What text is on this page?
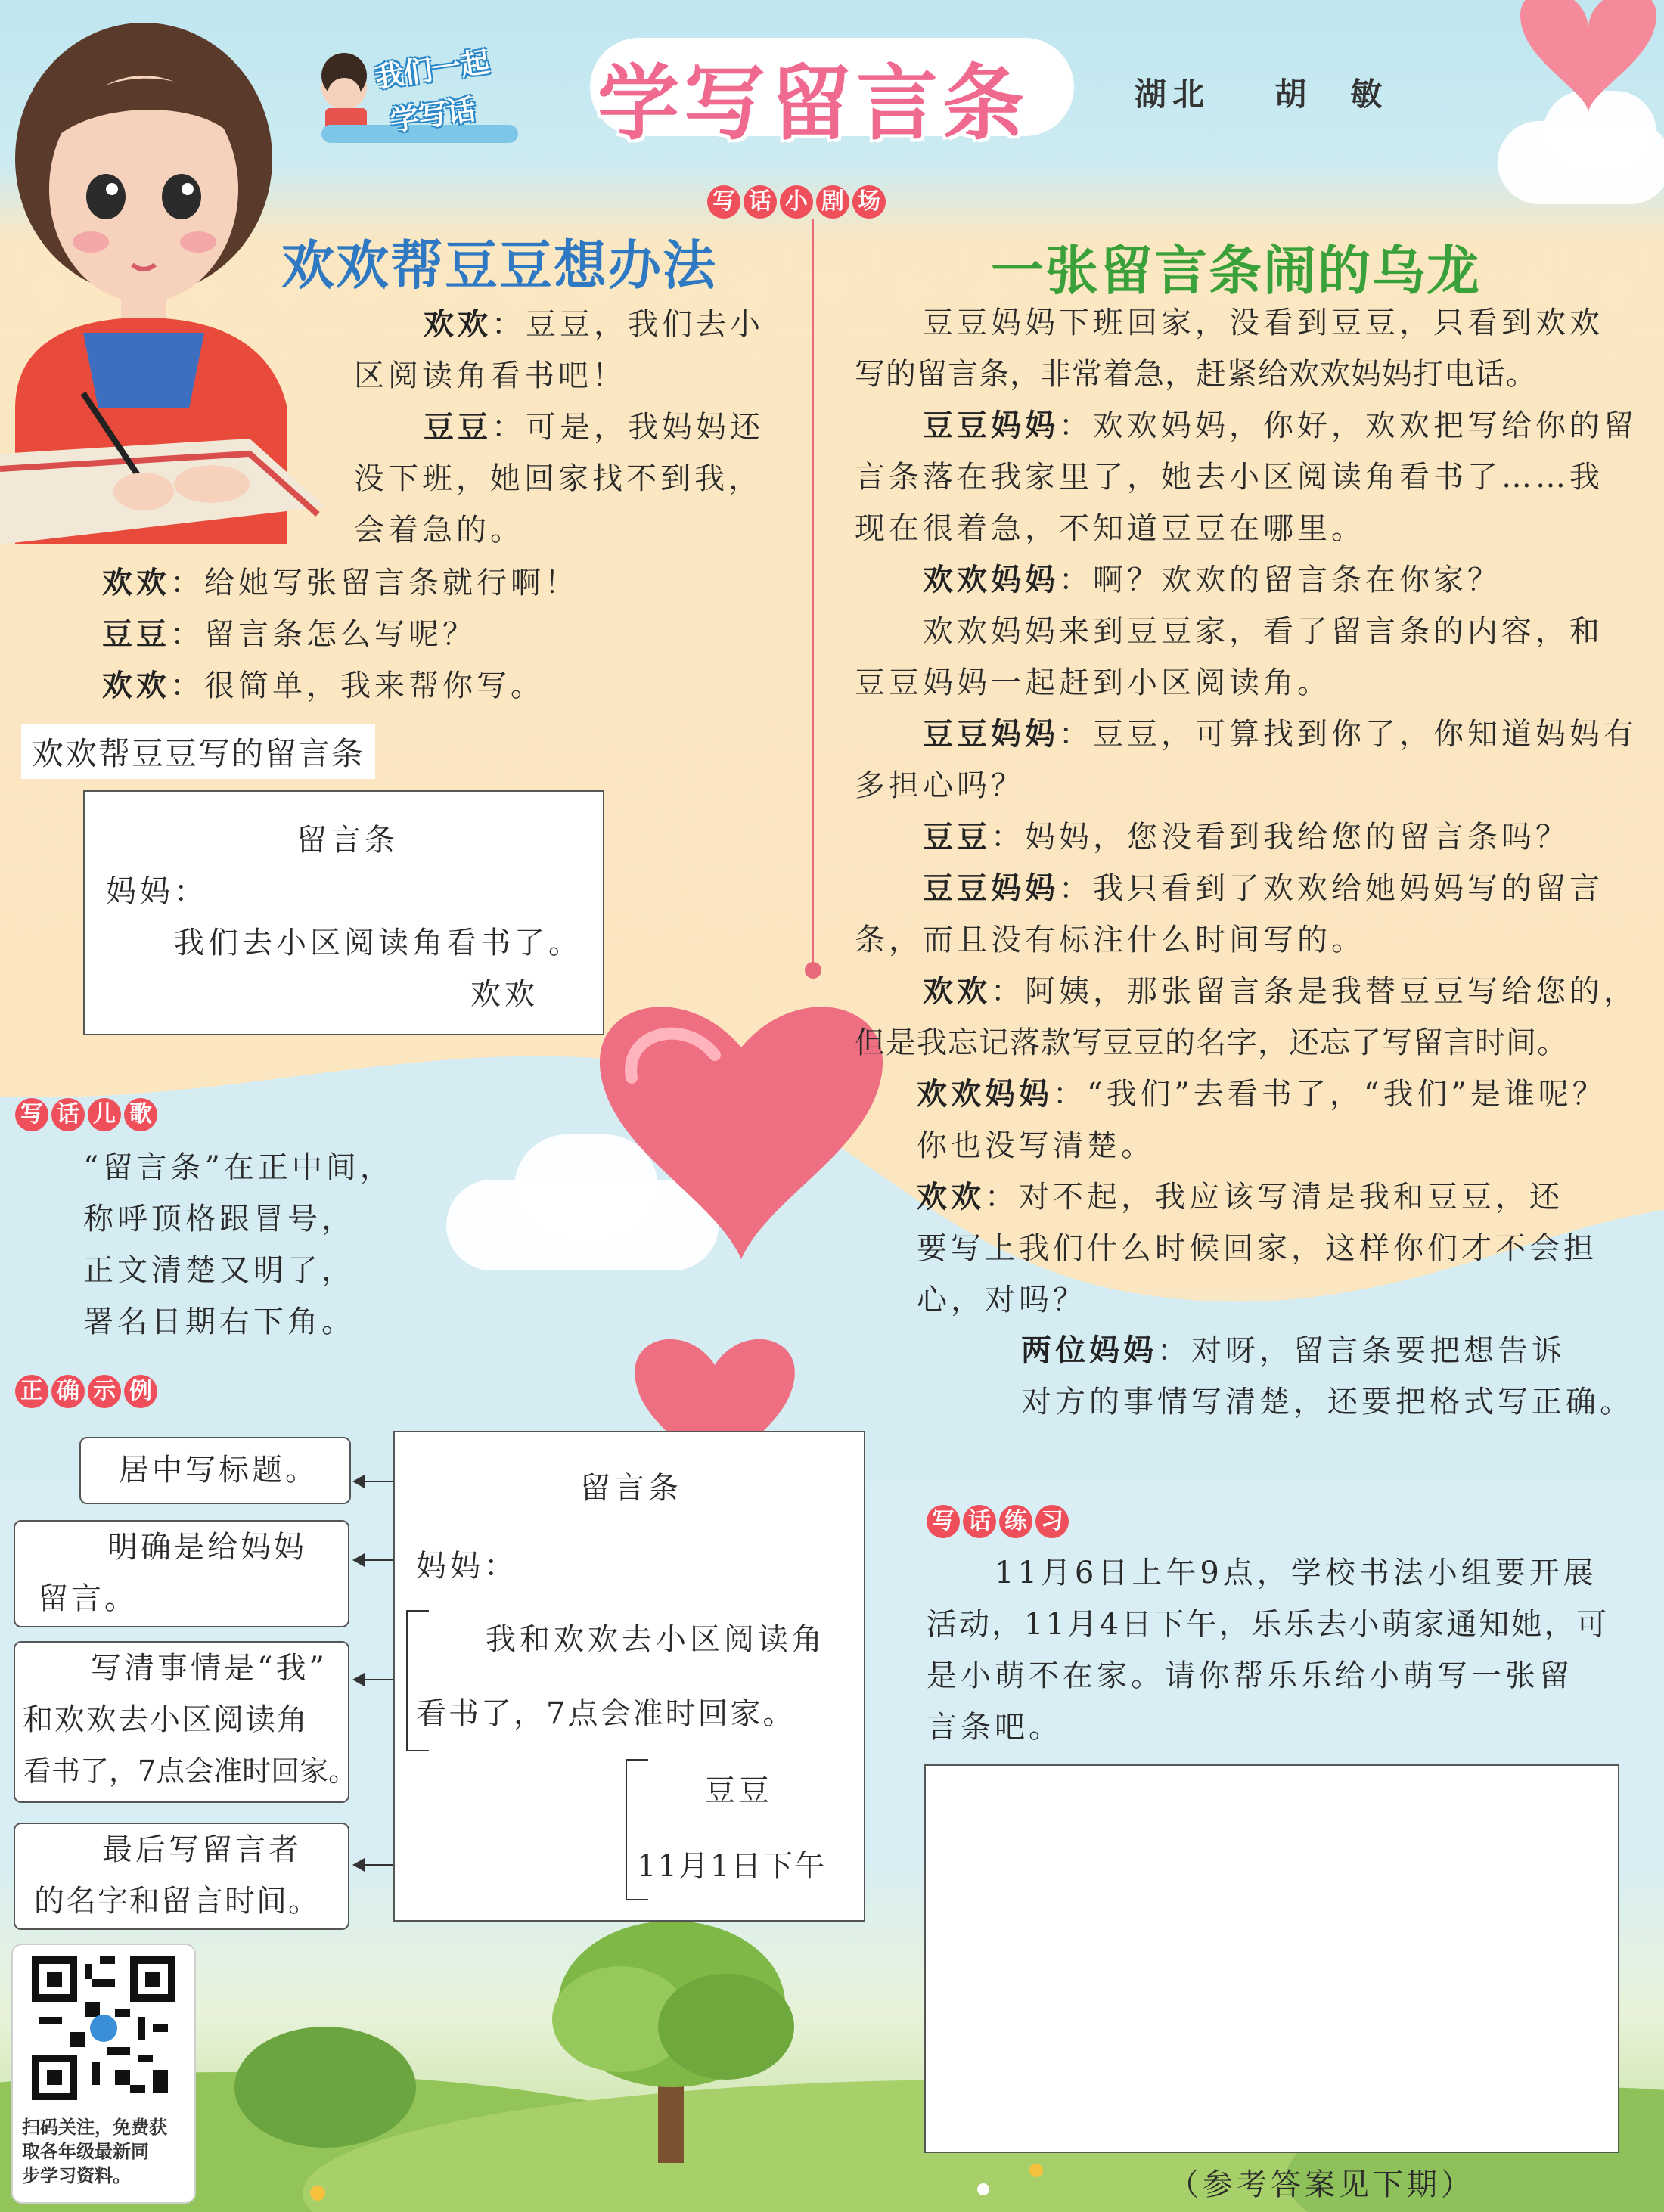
我们一起
学写话 学写留言条	湖北 胡　敏
写 话 小 剧 场
欢欢帮豆豆想办法
欢欢：豆豆，我们去小
区阅读角看书吧！
豆豆：可是，我妈妈还
没下班，她回家找不到我，
会着急的。
欢欢：给她写张留言条就行啊！
豆豆：留言条怎么写呢？
欢欢：很简单，我来帮你写。
欢欢帮豆豆写的留言条
留言条
妈妈：
我们去小区阅读角看书了。
欢欢
一张留言条闹的乌龙
豆豆妈妈下班回家，没看到豆豆，只看到欢欢
写的留言条，非常着急，赶紧给欢欢妈妈打电话。
豆豆妈妈：欢欢妈妈，你好，欢欢把写给你的留
言条落在我家里了，她去小区阅读角看书了……我
现在很着急，不知道豆豆在哪里。
欢欢妈妈：啊？欢欢的留言条在你家？
欢欢妈妈来到豆豆家，看了留言条的内容，和
豆豆妈妈一起赶到小区阅读角。
豆豆妈妈：豆豆，可算找到你了，你知道妈妈有
多担心吗？
豆豆：妈妈，您没看到我给您的留言条吗？
豆豆妈妈：我只看到了欢欢给她妈妈写的留言
条，而且没有标注什么时间写的。
欢欢：阿姨，那张留言条是我替豆豆写给您的，
但是我忘记落款写豆豆的名字，还忘了写留言时间。
欢欢妈妈：“我们”去看书了，“我们”是谁呢？
你也没写清楚。
欢欢：对不起，我应该写清是我和豆豆，还
要写上我们什么时候回家，这样你们才不会担
心，对吗？
两位妈妈：对呀，留言条要把想告诉
对方的事情写清楚，还要把格式写正确。
写 话 儿 歌
“留言条”在正中间，
称呼顶格跟冒号，
正文清楚又明了，
署名日期右下角。
正 确 示 例
居中写标题。
明确是给妈妈
留言。
写清事情是“我”
和欢欢去小区阅读角
看书了，7点会准时回家。
最后写留言者
的名字和留言时间。
留言条
妈妈：
我和欢欢去小区阅读角
看书了，7点会准时回家。
豆豆
11月1日下午
写 话 练 习
11月6日上午9点，学校书法小组要开展
活动，11月4日下午，乐乐去小萌家通知她，可
是小萌不在家。请你帮乐乐给小萌写一张留
言条吧。
扫码关注，免费获
取各年级最新同
步学习资料。	（参考答案见下期）
